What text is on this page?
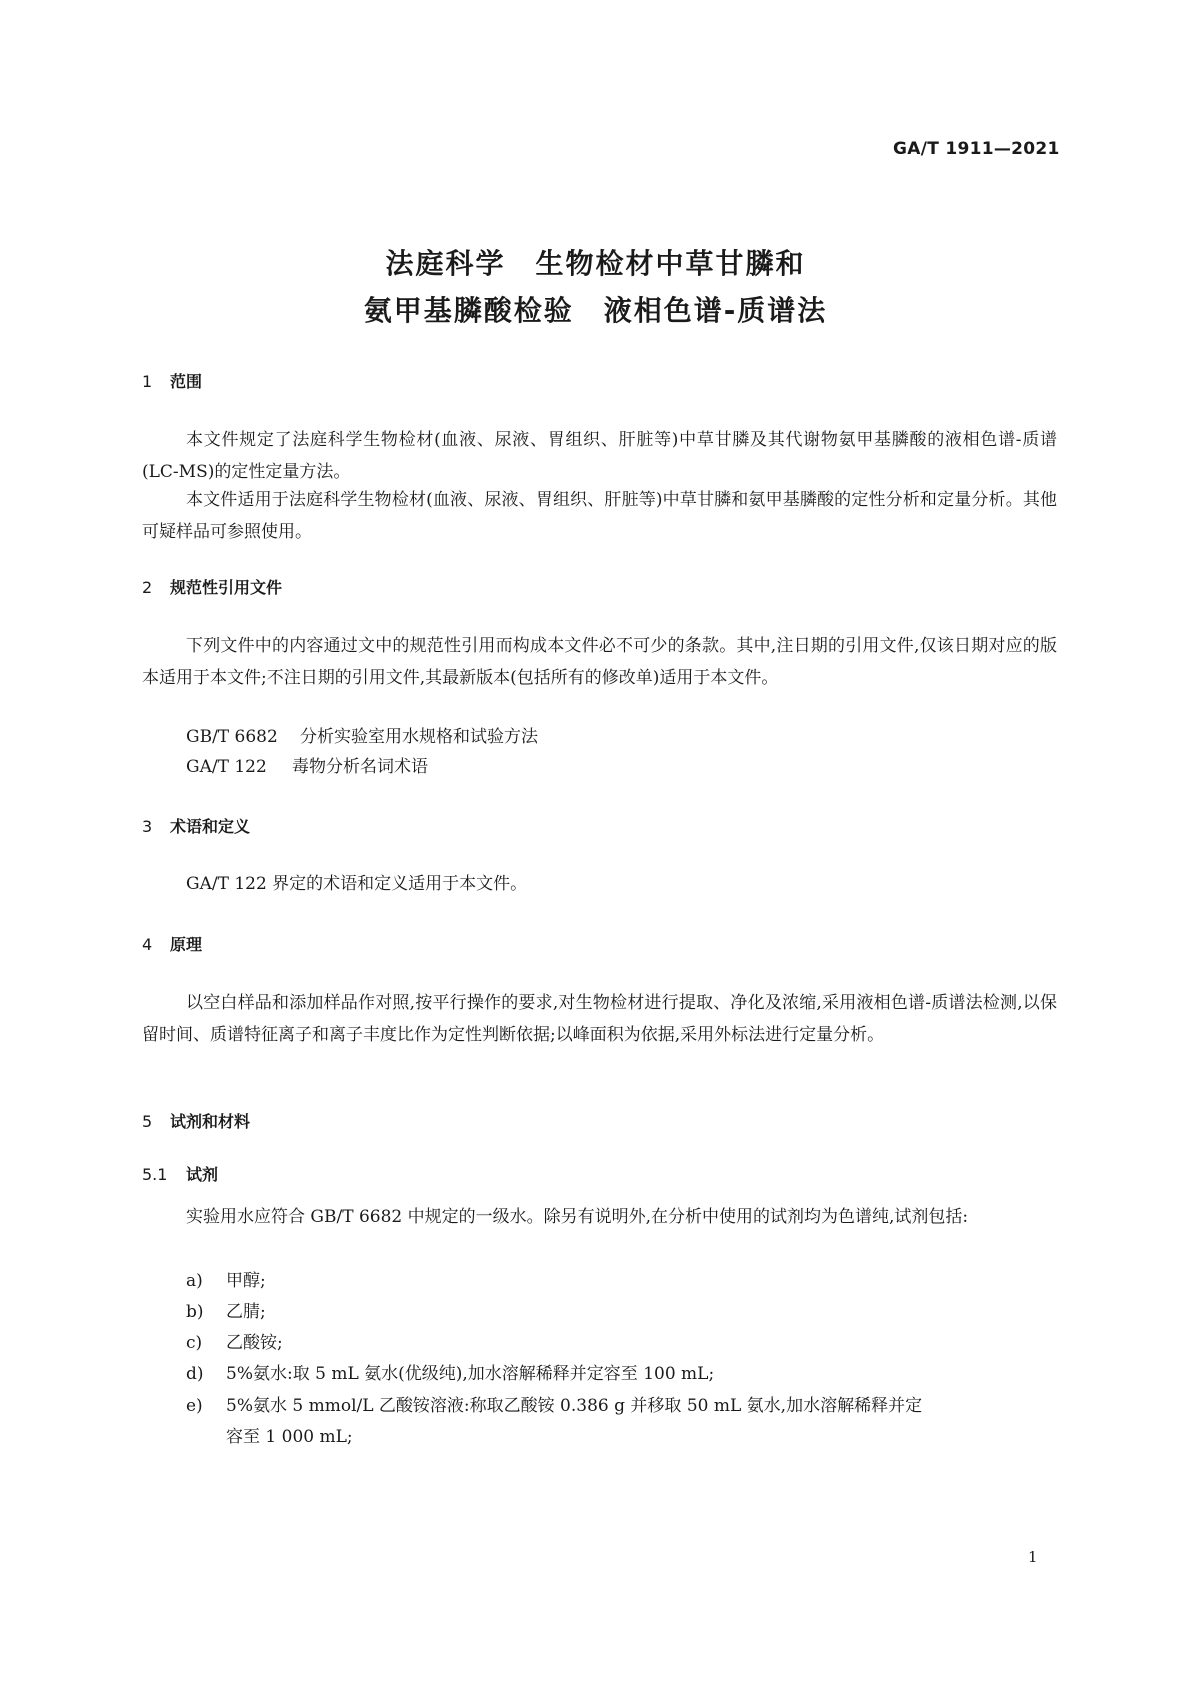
GA/T 1911—2021
法庭科学　生物检材中草甘膦和
氨甲基膦酸检验　液相色谱-质谱法
1 范围
本文件规定了法庭科学生物检材(血液、尿液、胃组织、肝脏等)中草甘膦及其代谢物氨甲基膦酸的液相色谱-质谱(LC-MS)的定性定量方法。
本文件适用于法庭科学生物检材(血液、尿液、胃组织、肝脏等)中草甘膦和氨甲基膦酸的定性分析和定量分析。其他可疑样品可参照使用。
2 规范性引用文件
下列文件中的内容通过文中的规范性引用而构成本文件必不可少的条款。其中,注日期的引用文件,仅该日期对应的版本适用于本文件;不注日期的引用文件,其最新版本(包括所有的修改单)适用于本文件。
GB/T 6682 分析实验室用水规格和试验方法
GA/T 122 毒物分析名词术语
3 术语和定义
GA/T 122 界定的术语和定义适用于本文件。
4 原理
以空白样品和添加样品作对照,按平行操作的要求,对生物检材进行提取、净化及浓缩,采用液相色谱-质谱法检测,以保留时间、质谱特征离子和离子丰度比作为定性判断依据;以峰面积为依据,采用外标法进行定量分析。
5 试剂和材料
5.1 试剂
实验用水应符合 GB/T 6682 中规定的一级水。除另有说明外,在分析中使用的试剂均为色谱纯,试剂包括:
a) 甲醇;
b) 乙腈;
c) 乙酸铵;
d) 5%氨水:取 5 mL 氨水(优级纯),加水溶解稀释并定容至 100 mL;
e) 5%氨水 5 mmol/L 乙酸铵溶液:称取乙酸铵 0.386 g 并移取 50 mL 氨水,加水溶解稀释并定
容至 1 000 mL;
1
